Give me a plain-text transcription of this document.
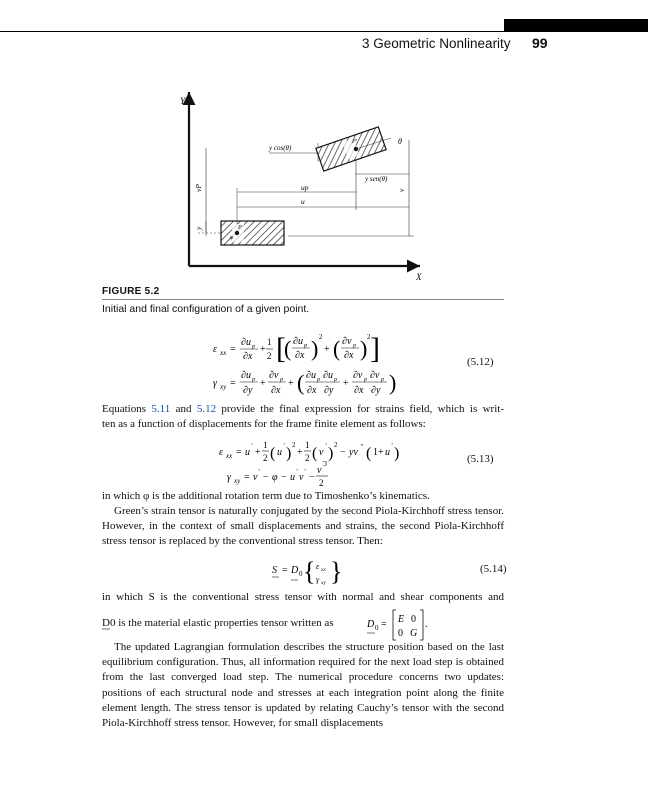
3 Geometric Nonlinearity 99
Y
X
vP
y	P
φ
u
up	v
y cos(θ)
y sen(θ)
P'	θ
FIGURE 5.2
Initial and final configuration of a given point.
ε xx =
∂u p
∂x
+
1
2 [
( ∂u p
∂x ) 2
+ ( ∂v p
∂x ) 2 ]
γ xy =
∂u p
∂y
+
∂v p
∂x
+ ( ∂u p ∂u p
∂x ∂y
+
∂v p ∂v p
∂x ∂y )
(5.12)
Equations 5.11 and 5.12 provide the final expression for strains field, which is writ-
ten as a function of displacements for the frame finite element as follows:
ε xx = u
′
+
1
2 ( u
′ ) 2
+
1
2 ( v
′ ) 2
− yv ″ ( 1+ u
′ )
γ xy = v ′ − φ − u ′ v ′ −
v
′3
2
(5.13)
in which φ is the additional rotation term due to Timoshenko’s kinematics.
Green’s strain tensor is naturally conjugated by the second Piola-Kirchhoff stress tensor. However, in the context of small displacements and strains, the second Piola-Kirchhoff stress tensor is replaced by the conventional stress tensor. Then:
S = D 0 { ε xx
γ xy }	(5.14)
in which S is the conventional stress tensor with normal and shear components and
D0 is the material elastic properties tensor written as	D 0 = E 0
0 G
.
The updated Lagrangian formulation describes the structure position based on the last equilibrium configuration. Thus, all information required for the next load step is obtained from the last converged load step. The numerical procedure concerns two updates: positions of each structural node and stresses at each integration point along the finite element length. The stress tensor is updated by relating Cauchy’s tensor with the second Piola-Kirchhoff stress tensor. However, for small displacements
